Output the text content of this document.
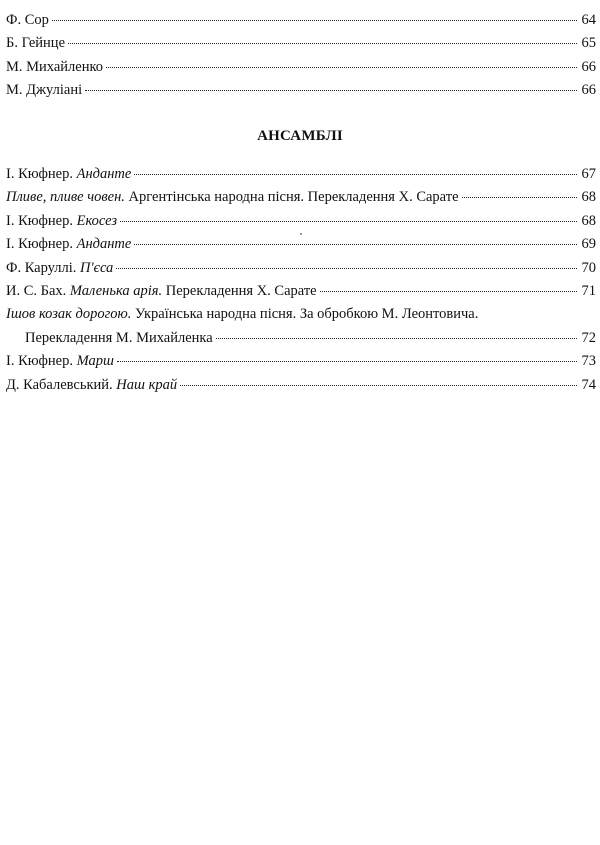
Ф. Сор	64
Б. Гейнце	65
М. Михайленко	66
М. Джуліані	66
АНСАМБЛІ
І. Кюфнер. Анданте	67
Пливе, пливе човен. Аргентінська народна пісня. Перекладення Х. Сарате	68
І. Кюфнер. Екосез	68
І. Кюфнер. Анданте	69
Ф. Каруллі. П'єса	70
И. С. Бах. Маленька арія. Перекладення Х. Сарате	71
Ішов козак дорогою. Українська народна пісня. За обробкою М. Леонтовича.
Перекладення М. Михайленка	72
І. Кюфнер. Марш	73
Д. Кабалевський. Наш край	74
